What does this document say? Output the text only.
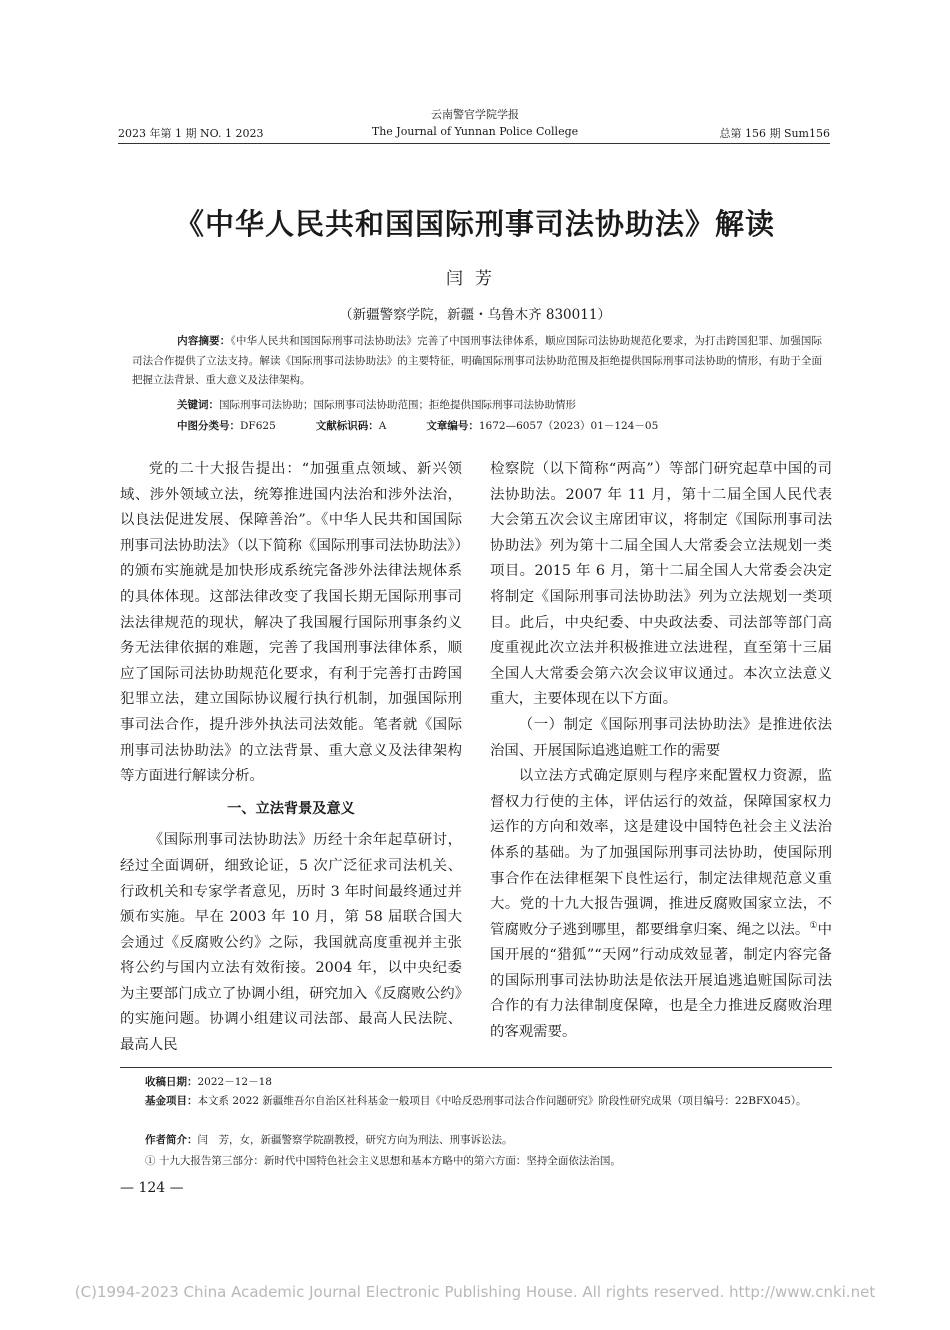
云南警官学院学报
The Journal of Yunnan Police College
2023 年第 1 期 NO. 1 2023	总第 156 期 Sum156
《中华人民共和国国际刑事司法协助法》解读
闫芳
（新疆警察学院，新疆・乌鲁木齐 830011）
内容摘要：《中华人民共和国国际刑事司法协助法》完善了中国刑事法律体系，顺应国际司法协助规范化要求，为打击跨国犯罪、加强国际司法合作提供了立法支持。解读《国际刑事司法协助法》的主要特征，明确国际刑事司法协助范围及拒绝提供国际刑事司法协助的情形，有助于全面把握立法背景、重大意义及法律架构。
关键词：国际刑事司法协助；国际刑事司法协助范围；拒绝提供国际刑事司法协助情形
中图分类号：DF625	文献标识码：A	文章编号：1672—6057（2023）01－124－05

党的二十大报告提出：“加强重点领域、新兴领域、涉外领域立法，统筹推进国内法治和涉外法治，以良法促进发展、保障善治”。《中华人民共和国国际刑事司法协助法》（以下简称《国际刑事司法协助法》）的颁布实施就是加快形成系统完备涉外法律法规体系的具体体现。这部法律改变了我国长期无国际刑事司法法律规范的现状，解决了我国履行国际刑事条约义务无法律依据的难题，完善了我国刑事法律体系，顺应了国际司法协助规范化要求，有利于完善打击跨国犯罪立法，建立国际协议履行执行机制，加强国际刑事司法合作，提升涉外执法司法效能。笔者就《国际刑事司法协助法》的立法背景、重大意义及法律架构等方面进行解读分析。

一、立法背景及意义

《国际刑事司法协助法》历经十余年起草研讨，经过全面调研，细致论证，5 次广泛征求司法机关、行政机关和专家学者意见，历时 3 年时间最终通过并颁布实施。早在 2003 年 10 月，第 58 届联合国大会通过《反腐败公约》之际，我国就高度重视并主张将公约与国内立法有效衔接。2004 年，以中央纪委为主要部门成立了协调小组，研究加入《反腐败公约》的实施问题。协调小组建议司法部、最高人民法院、最高人民

检察院（以下简称“两高”）等部门研究起草中国的司法协助法。2007 年 11 月，第十二届全国人民代表大会第五次会议主席团审议，将制定《国际刑事司法协助法》列为第十二届全国人大常委会立法规划一类项目。2015 年 6 月，第十二届全国人大常委会决定将制定《国际刑事司法协助法》列为立法规划一类项目。此后，中央纪委、中央政法委、司法部等部门高度重视此次立法并积极推进立法进程，直至第十三届全国人大常委会第六次会议审议通过。本次立法意义重大，主要体现在以下方面。

（一）制定《国际刑事司法协助法》是推进依法治国、开展国际追逃追赃工作的需要

以立法方式确定原则与程序来配置权力资源，监督权力行使的主体，评估运行的效益，保障国家权力运作的方向和效率，这是建设中国特色社会主义法治体系的基础。为了加强国际刑事司法协助，使国际刑事合作在法律框架下良性运行，制定法律规范意义重大。党的十九大报告强调，推进反腐败国家立法，不管腐败分子逃到哪里，都要缉拿归案、绳之以法。①中国开展的“猎狐”“天网”行动成效显著，制定内容完备的国际刑事司法协助法是依法开展追逃追赃国际司法合作的有力法律制度保障，也是全力推进反腐败治理的客观需要。

收稿日期：2022－12－18
基金项目：本文系 2022 新疆维吾尔自治区社科基金一般项目《中哈反恐刑事司法合作问题研究》阶段性研究成果（项目编号：22BFX045）。
作者简介：闫　芳，女，新疆警察学院副教授，研究方向为刑法、刑事诉讼法。
① 十九大报告第三部分：新时代中国特色社会主义思想和基本方略中的第六方面：坚持全面依法治国。
— 124 —
(C)1994-2023 China Academic Journal Electronic Publishing House. All rights reserved. http://www.cnki.net
